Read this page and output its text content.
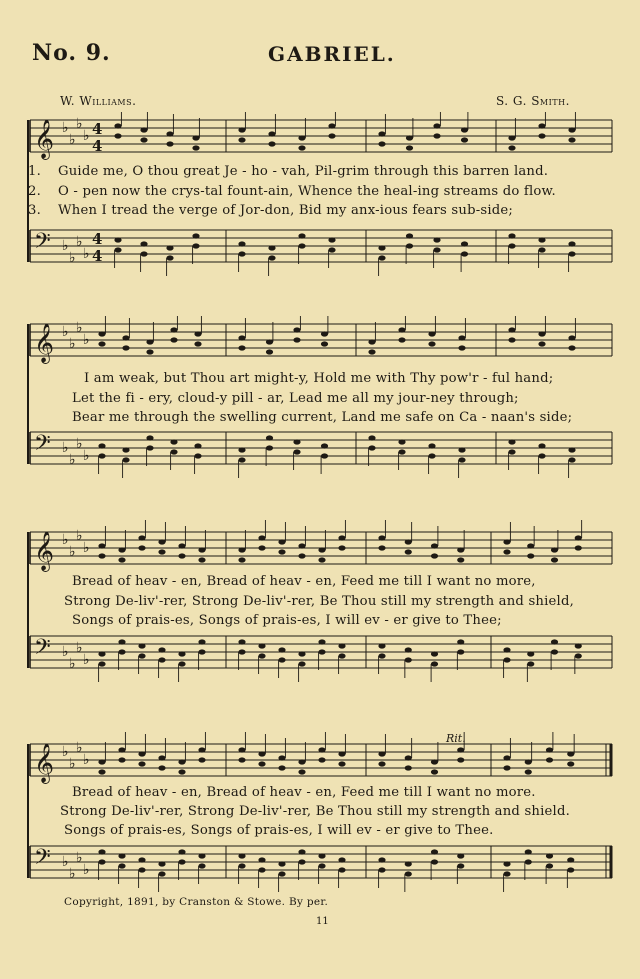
No. 9.	GABRIEL.
W. Williams.	S. G. Smith.
𝄞 ♭
♭
♭
♭ 4
4
𝄢 ♭
♭
♭
♭
4
4
𝄞 ♭
♭
♭
♭
𝄢 ♭
♭
♭
♭
𝄞 ♭
♭
♭
♭
𝄢 ♭
♭
♭
♭
𝄞 ♭
♭
♭
♭
𝄢 ♭
♭
♭
♭
1. Guide me, O thou great Je - ho - vah, Pil-grim through this barren land.
2. O - pen now the crys-tal fount-ain, Whence the heal-ing streams do flow.
3. When I tread the verge of Jor-don, Bid my anx-ious fears sub-side;
I am weak, but Thou art might-y, Hold me with Thy pow'r - ful hand;
Let the fi - ery, cloud-y pill - ar, Lead me all my jour-ney through;
Bear me through the swelling current, Land me safe on Ca - naan's side;
Bread of heav - en, Bread of heav - en, Feed me till I want no more,
Strong De-liv'-rer, Strong De-liv'-rer, Be Thou still my strength and shield,
Songs of prais-es, Songs of prais-es, I will ev - er give to Thee;
Bread of heav - en, Bread of heav - en, Feed me till I want no more.
Strong De-liv'-rer, Strong De-liv'-rer, Be Thou still my strength and shield.
Songs of prais-es, Songs of prais-es, I will ev - er give to Thee.
Rit.
Copyright, 1891, by Cranston & Stowe. By per.
11
